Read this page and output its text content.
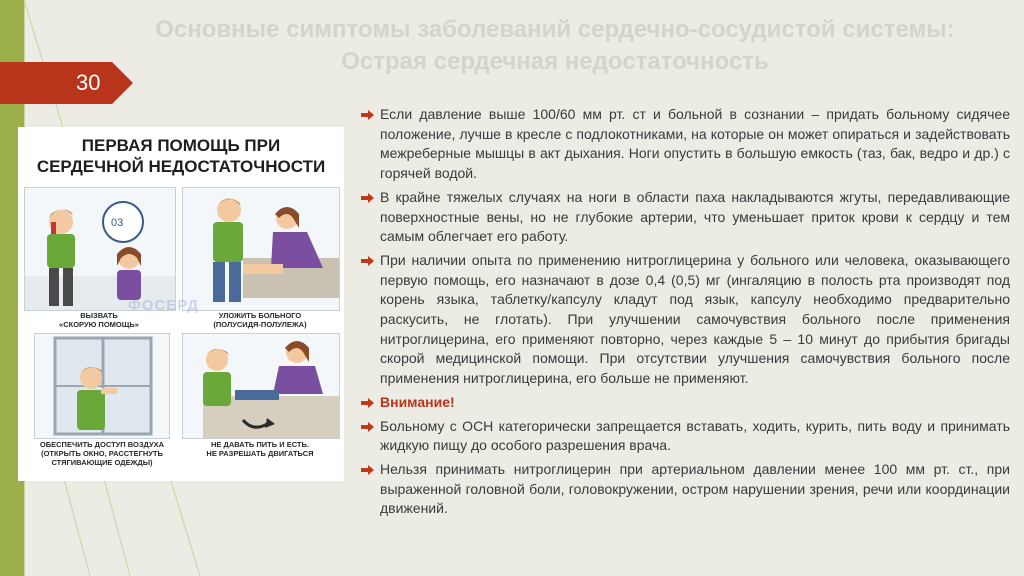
Основные симптомы заболеваний сердечно-сосудистой системы: Острая сердечная недостаточность
30
ПЕРВАЯ ПОМОЩЬ ПРИ
СЕРДЕЧНОЙ НЕДОСТАТОЧНОСТИ
03
ВЫЗВАТЬ
«СКОРУЮ ПОМОЩЬ»
УЛОЖИТЬ БОЛЬНОГО
(ПОЛУСИДЯ-ПОЛУЛЕЖА)
ОБЕСПЕЧИТЬ ДОСТУП ВОЗДУХА
(ОТКРЫТЬ ОКНО, РАССТЕГНУТЬ
СТЯГИВАЮЩИЕ ОДЕЖДЫ)
НЕ ДАВАТЬ ПИТЬ И ЕСТЬ.
НЕ РАЗРЕШАТЬ ДВИГАТЬСЯ
ФОСЕРД
Если давление выше 100/60 мм рт. ст и больной в сознании – придать больному сидячее положение, лучше в кресле с подлокотниками, на которые он может опираться и задействовать межреберные мышцы в акт дыхания. Ноги опустить в большую емкость (таз, бак, ведро и др.) с горячей водой.
В крайне тяжелых случаях на ноги в области паха накладываются жгуты, передавливающие поверхностные вены, но не глубокие артерии, что уменьшает приток крови к сердцу и тем самым облегчает его работу.
При наличии опыта по применению нитроглицерина у больного или человека, оказывающего первую помощь, его назначают в дозе 0,4 (0,5) мг (ингаляцию в полость рта производят под корень языка, таблетку/капсулу кладут под язык, капсулу необходимо предварительно раскусить, не глотать). При улучшении самочувствия больного после применения нитроглицерина, его применяют повторно, через каждые 5 – 10 минут до прибытия бригады скорой медицинской помощи. При отсутствии улучшения самочувствия больного после применения нитроглицерина, его больше не применяют.
Внимание!
Больному с ОСН категорически запрещается вставать, ходить, курить, пить воду и принимать жидкую пищу до особого разрешения врача.
Нельзя принимать нитроглицерин при артериальном давлении менее 100 мм рт. ст., при выраженной головной боли, головокружении, остром нарушении зрения, речи или координации движений.
